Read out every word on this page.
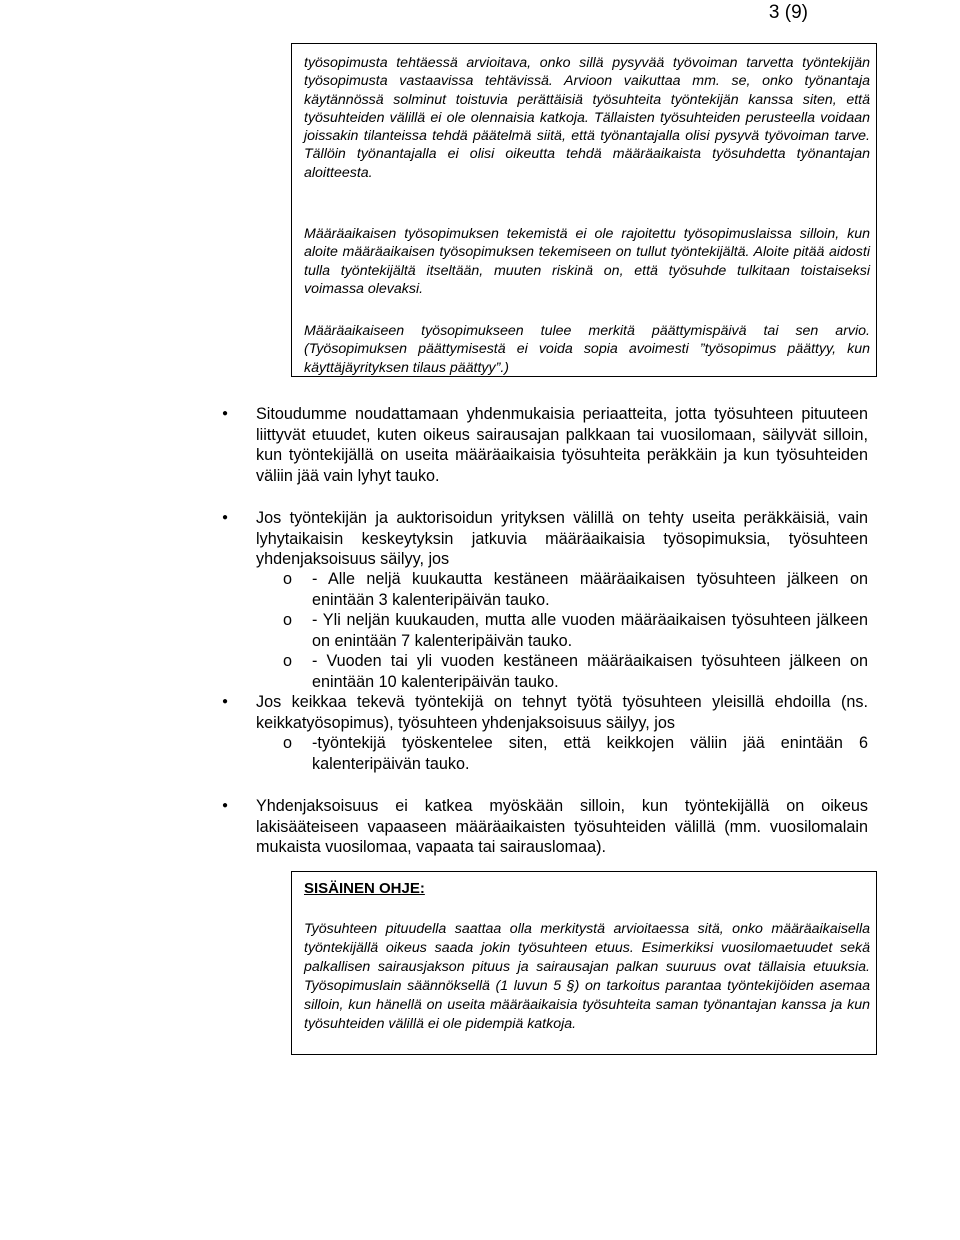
3 (9)
työsopimusta tehtäessä arvioitava, onko sillä pysyvää työvoiman tarvetta työntekijän työsopimusta vastaavissa tehtävissä. Arvioon vaikuttaa mm. se, onko työnantaja käytännössä solminut toistuvia perättäisiä työsuhteita työntekijän kanssa siten, että työsuhteiden välillä ei ole olennaisia katkoja. Tällaisten työsuhteiden perusteella voidaan joissakin tilanteissa tehdä päätelmä siitä, että työnantajalla olisi pysyvä työvoiman tarve. Tällöin työnantajalla ei olisi oikeutta tehdä määräaikaista työsuhdetta työnantajan aloitteesta.
Määräaikaisen työsopimuksen tekemistä ei ole rajoitettu työsopimuslaissa silloin, kun aloite määräaikaisen työsopimuksen tekemiseen on tullut työntekijältä. Aloite pitää aidosti tulla työntekijältä itseltään, muuten riskinä on, että työsuhde tulkitaan toistaiseksi voimassa olevaksi.
Määräaikaiseen työsopimukseen tulee merkitä päättymispäivä tai sen arvio. (Työsopimuksen päättymisestä ei voida sopia avoimesti ”työsopimus päättyy, kun käyttäjäyrityksen tilaus päättyy”.)
● Sitoudumme noudattamaan yhdenmukaisia periaatteita, jotta työsuhteen pituuteen liittyvät etuudet, kuten oikeus sairausajan palkkaan tai vuosilomaan, säilyvät silloin, kun työntekijällä on useita määräaikaisia työsuhteita peräkkäin ja kun työsuhteiden väliin jää vain lyhyt tauko.
● Jos työntekijän ja auktorisoidun yrityksen välillä on tehty useita peräkkäisiä, vain lyhytaikaisin keskeytyksin jatkuvia määräaikaisia työsopimuksia, työsuhteen yhdenjaksoisuus säilyy, jos
o - Alle neljä kuukautta kestäneen määräaikaisen työsuhteen jälkeen on enintään 3 kalenteripäivän tauko.
o - Yli neljän kuukauden, mutta alle vuoden määräaikaisen työsuhteen jälkeen on enintään 7 kalenteripäivän tauko.
o - Vuoden tai yli vuoden kestäneen määräaikaisen työsuhteen jälkeen on enintään 10 kalenteripäivän tauko.
● Jos keikkaa tekevä työntekijä on tehnyt työtä työsuhteen yleisillä ehdoilla (ns. keikkatyösopimus), työsuhteen yhdenjaksoisuus säilyy, jos
o -työntekijä työskentelee siten, että keikkojen väliin jää enintään 6 kalenteripäivän tauko.
● Yhdenjaksoisuus ei katkea myöskään silloin, kun työntekijällä on oikeus lakisääteiseen vapaaseen määräaikaisten työsuhteiden välillä (mm. vuosilomalain mukaista vuosilomaa, vapaata tai sairauslomaa).
SISÄINEN OHJE:
Työsuhteen pituudella saattaa olla merkitystä arvioitaessa sitä, onko määräaikaisella työntekijällä oikeus saada jokin työsuhteen etuus. Esimerkiksi vuosilomaetuudet sekä palkallisen sairausjakson pituus ja sairausajan palkan suuruus ovat tällaisia etuuksia. Työsopimuslain säännöksellä (1 luvun 5 §) on tarkoitus parantaa työntekijöiden asemaa silloin, kun hänellä on useita määräaikaisia työsuhteita saman työnantajan kanssa ja kun työsuhteiden välillä ei ole pidempiä katkoja.
